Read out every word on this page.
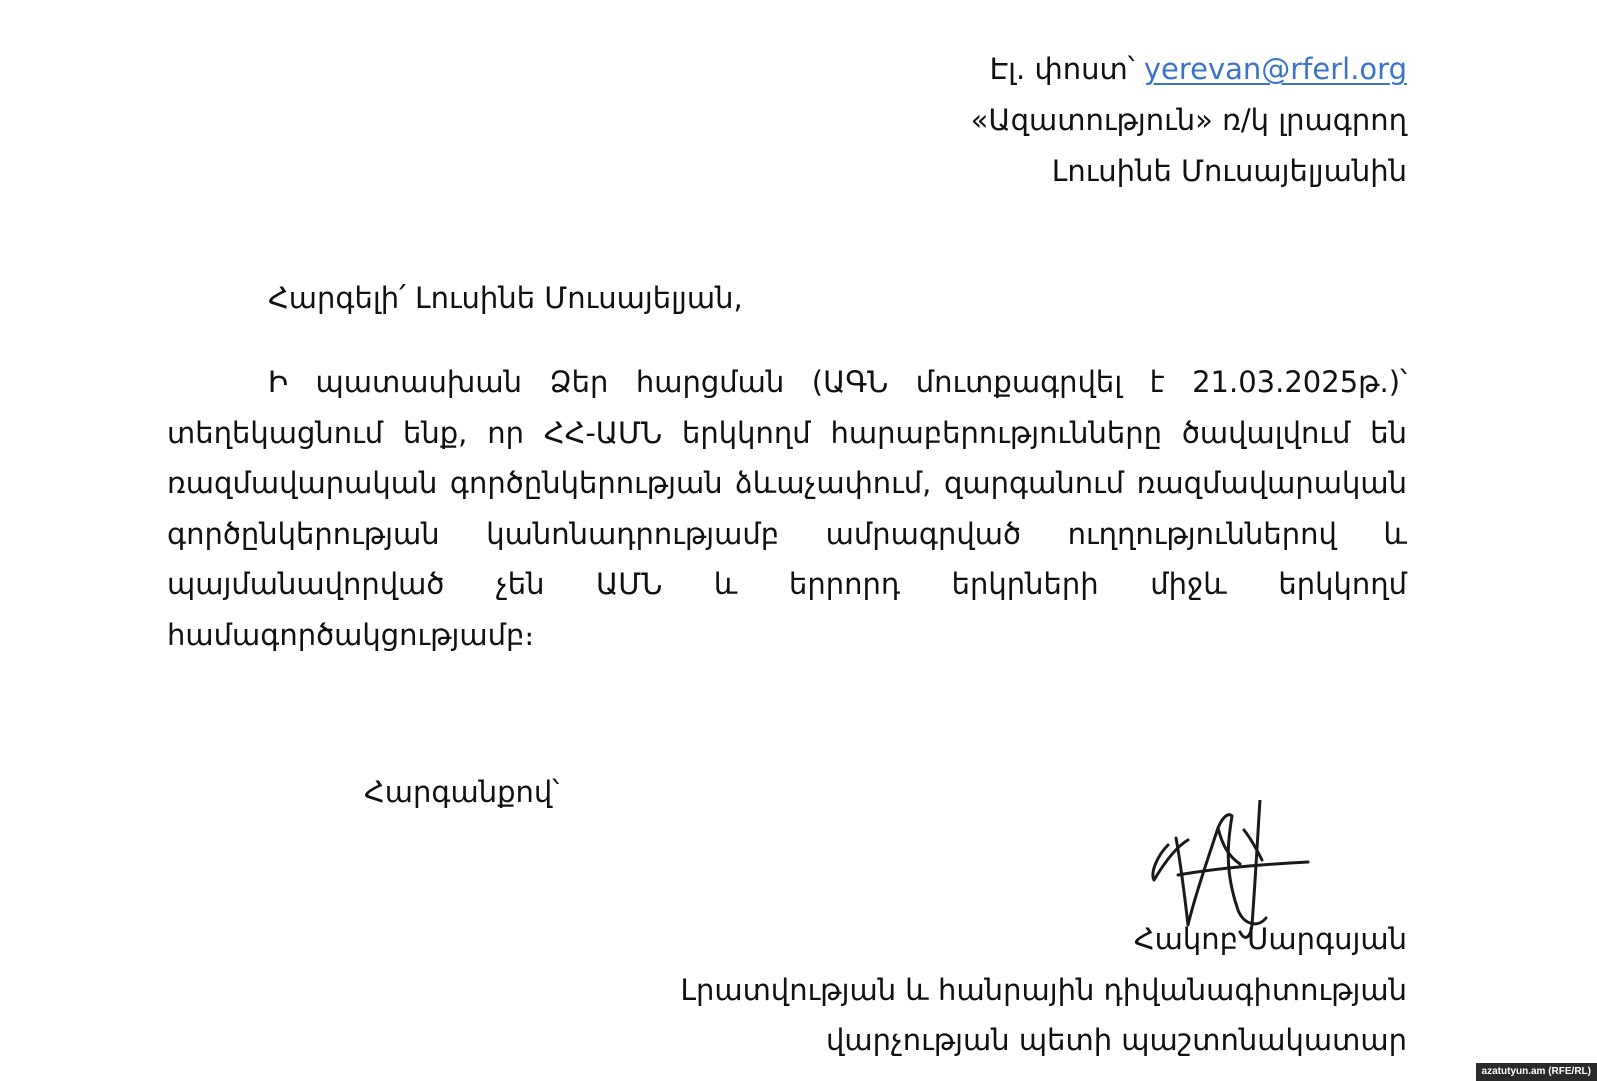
Էլ. փոստ՝ yerevan@rferl.org
«Ազատություն» ռ/կ լրագրող
Լուսինե Մուսայելյանին
Հարգելի՛ Լուսինե Մուսայելյան,
Ի պատասխան Ձեր հարցման (ԱԳՆ մուտքագրվել է 21.03.2025թ.)՝
տեղեկացնում ենք, որ ՀՀ-ԱՄՆ երկկողմ հարաբերությունները ծավալվում են
ռազմավարական գործընկերության ձևաչափում, զարգանում ռազմավարական
գործընկերության կանոնադրությամբ ամրագրված ուղղություններով և
պայմանավորված չեն ԱՄՆ և երրորդ երկրների միջև երկկողմ
համագործակցությամբ։
Հարգանքով՝
Հակոբ Սարգսյան
Լրատվության և հանրային դիվանագիտության
վարչության պետի պաշտոնակատար
azatutyun.am (RFE/RL)
